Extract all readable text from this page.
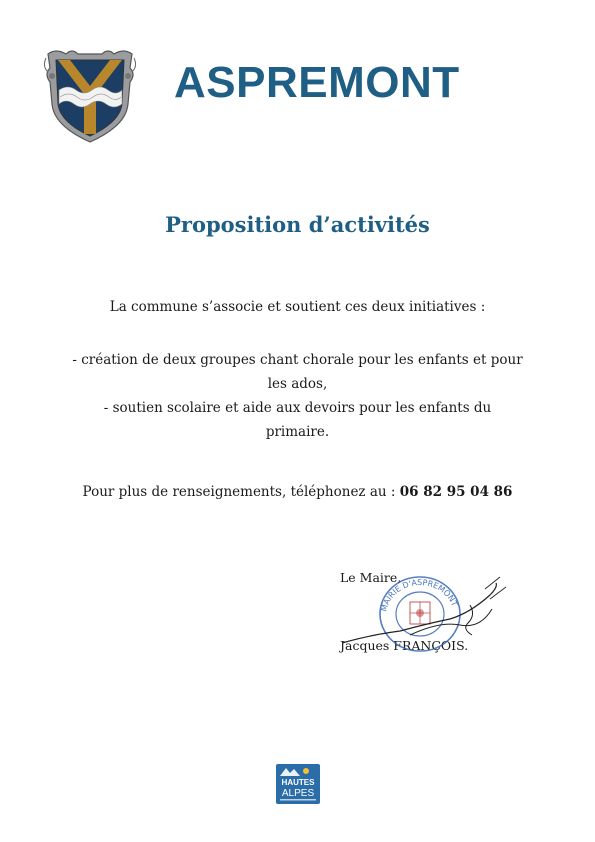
ASPREMONT
Proposition d’activités
La commune s’associe et soutient ces deux initiatives :
- création de deux groupes chant chorale pour les enfants et pour
les ados,
- soutien scolaire et aide aux devoirs pour les enfants du
primaire.
Pour plus de renseignements, téléphonez au : 06 82 95 04 86
Le Maire,
Jacques FRANÇOIS.
MAIRIE D'ASPREMONT
HAUTES
ALPES
